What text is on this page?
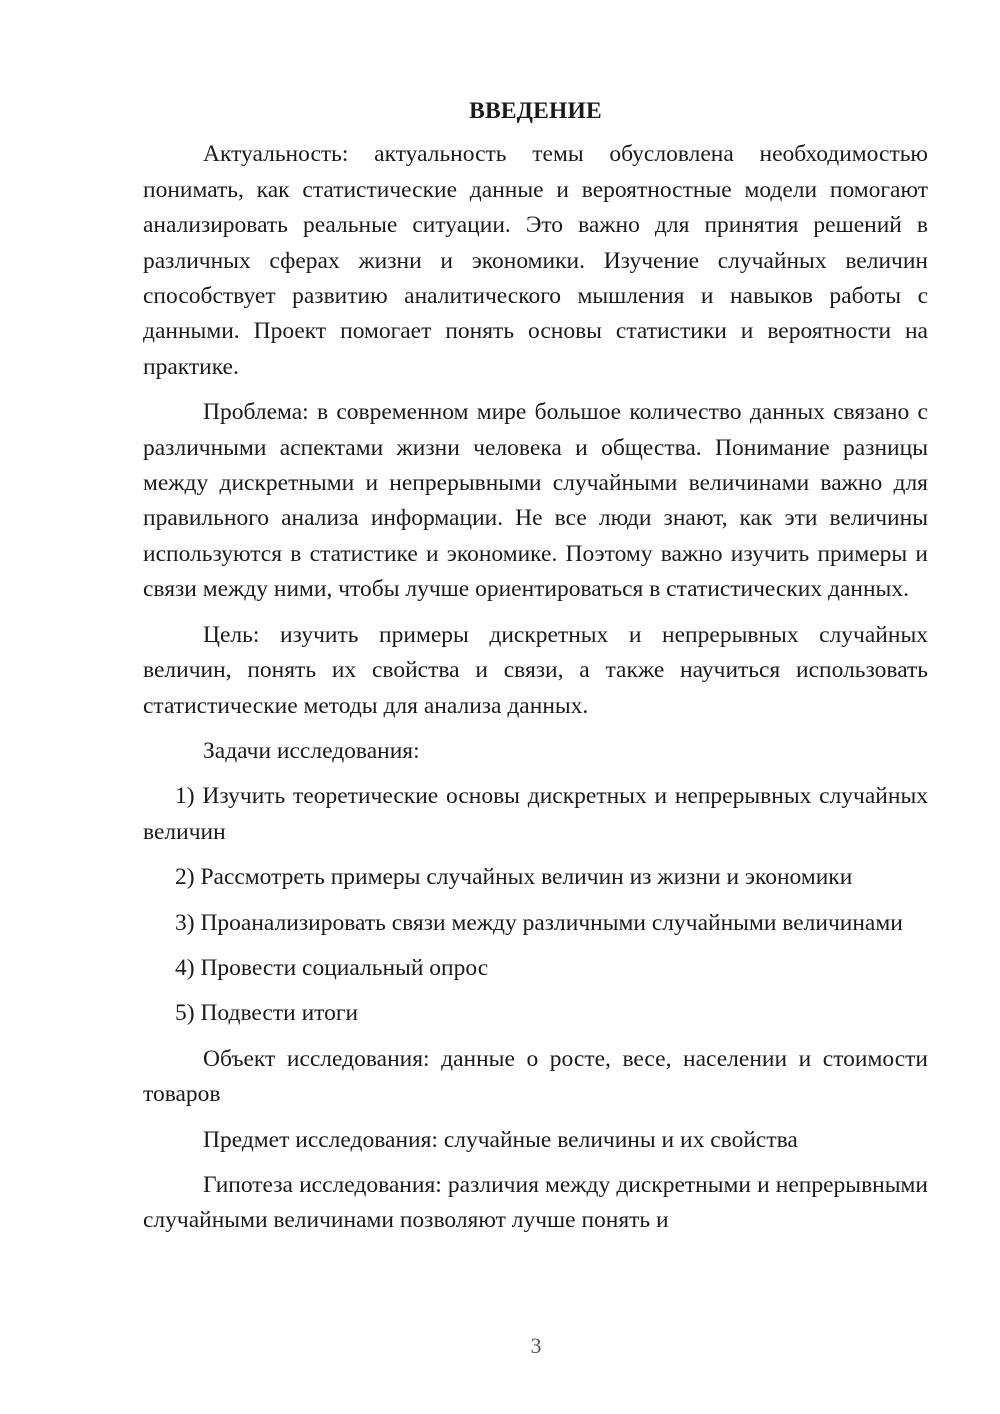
ВВЕДЕНИЕ

Актуальность: актуальность темы обусловлена необходимостью понимать, как статистические данные и вероятностные модели помогают анализировать реальные ситуации. Это важно для принятия решений в различных сферах жизни и экономики. Изучение случайных величин способствует развитию аналитического мышления и навыков работы с данными. Проект помогает понять основы статистики и вероятности на практике.

Проблема: в современном мире большое количество данных связано с различными аспектами жизни человека и общества. Понимание разницы между дискретными и непрерывными случайными величинами важно для правильного анализа информации. Не все люди знают, как эти величины используются в статистике и экономике. Поэтому важно изучить примеры и связи между ними, чтобы лучше ориентироваться в статистических данных.

Цель: изучить примеры дискретных и непрерывных случайных величин, понять их свойства и связи, а также научиться использовать статистические методы для анализа данных.

Задачи исследования:

1) Изучить теоретические основы дискретных и непрерывных случайных величин

2) Рассмотреть примеры случайных величин из жизни и экономики

3) Проанализировать связи между различными случайными величинами

4) Провести социальный опрос

5) Подвести итоги

Объект исследования: данные о росте, весе, населении и стоимости товаров

Предмет исследования: случайные величины и их свойства

Гипотеза исследования: различия между дискретными и непрерывными случайными величинами позволяют лучше понять и

3
